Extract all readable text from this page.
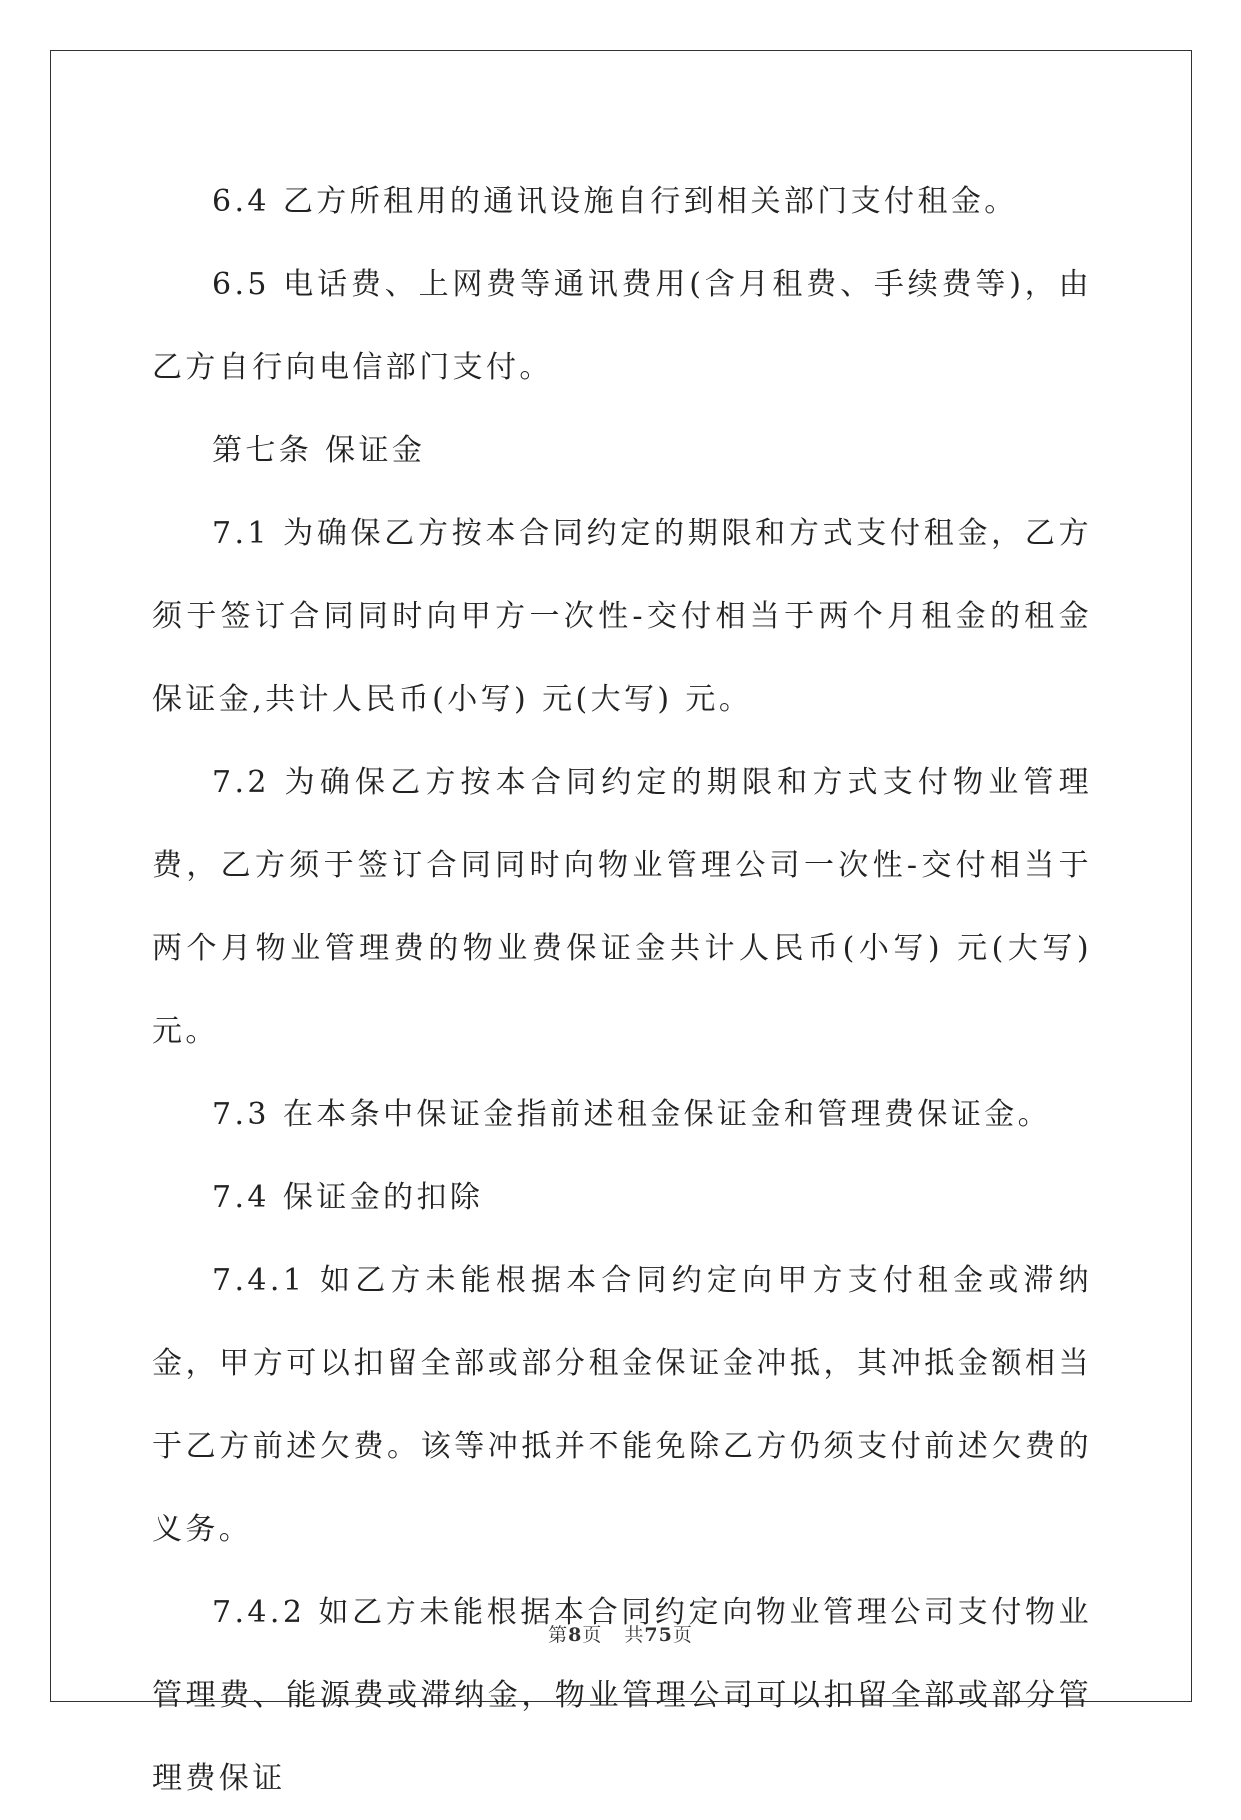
6.4 乙方所租用的通讯设施自行到相关部门支付租金。

6.5 电话费、上网费等通讯费用(含月租费、手续费等)，由乙方自行向电信部门支付。

第七条 保证金

7.1 为确保乙方按本合同约定的期限和方式支付租金，乙方须于签订合同同时向甲方一次性-交付相当于两个月租金的租金保证金,共计人民币(小写) 元(大写) 元。

7.2 为确保乙方按本合同约定的期限和方式支付物业管理费，乙方须于签订合同同时向物业管理公司一次性-交付相当于两个月物业管理费的物业费保证金共计人民币(小写) 元(大写) 元。

7.3 在本条中保证金指前述租金保证金和管理费保证金。

7.4 保证金的扣除

7.4.1 如乙方未能根据本合同约定向甲方支付租金或滞纳金，甲方可以扣留全部或部分租金保证金冲抵，其冲抵金额相当于乙方前述欠费。该等冲抵并不能免除乙方仍须支付前述欠费的义务。

7.4.2 如乙方未能根据本合同约定向物业管理公司支付物业管理费、能源费或滞纳金，物业管理公司可以扣留全部或部分管理费保证

第8页 共75页
